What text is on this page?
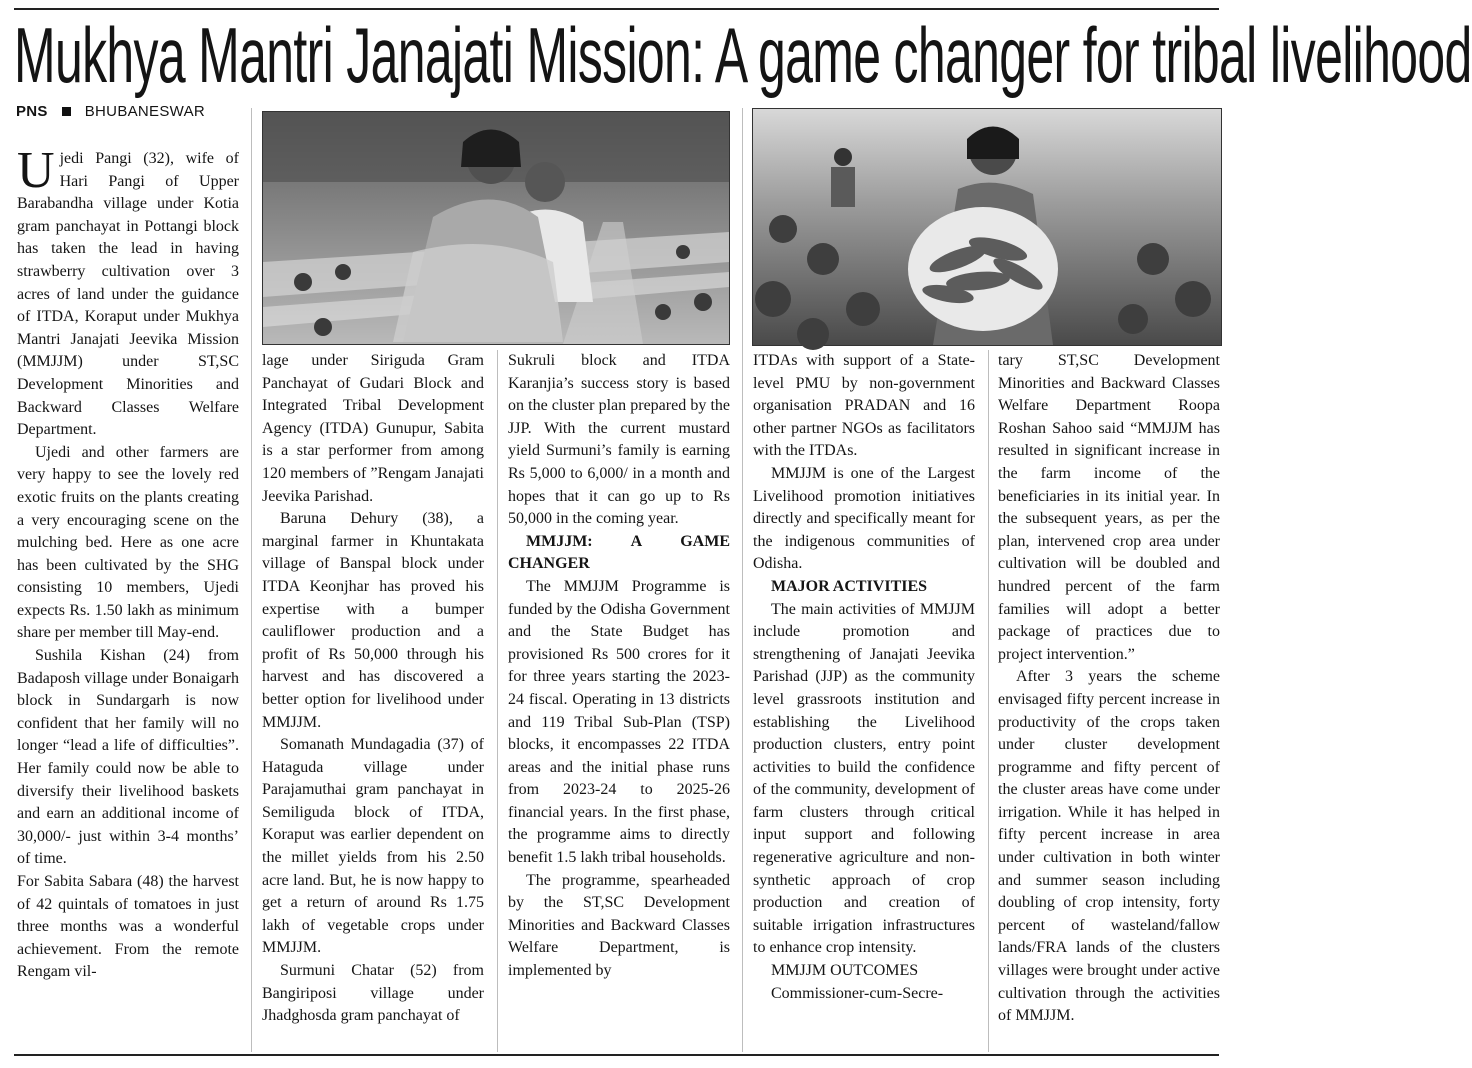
Mukhya Mantri Janajati Mission: A game changer for tribal livelihood
PNS BHUBANESWAR

Ujedi Pangi (32), wife of Hari Pangi of Upper Barabandha village under Kotia gram panchayat in Pottangi block has taken the lead in having strawberry cultivation over 3 acres of land under the guidance of ITDA, Koraput under Mukhya Mantri Janajati Jeevika Mission (MMJJM) under ST,SC Development Minorities and Backward Classes Welfare Department.

Ujedi and other farmers are very happy to see the lovely red exotic fruits on the plants creating a very encouraging scene on the mulching bed. Here as one acre has been cultivated by the SHG consisting 10 members, Ujedi expects Rs. 1.50 lakh as minimum share per member till May-end.

Sushila Kishan (24) from Badaposh village under Bonaigarh block in Sundargarh is now confident that her family will no longer “lead a life of difficulties”. Her family could now be able to diversify their livelihood baskets and earn an additional income of 30,000/- just within 3-4 months’ of time.

For Sabita Sabara (48) the harvest of 42 quintals of tomatoes in just three months was a wonderful achievement. From the remote Rengam vil-

lage under Siriguda Gram Panchayat of Gudari Block and Integrated Tribal Development Agency (ITDA) Gunupur, Sabita is a star performer from among 120 members of ”Rengam Janajati Jeevika Parishad.

Baruna Dehury (38), a marginal farmer in Khuntakata village of Banspal block under ITDA Keonjhar has proved his expertise with a bumper cauliflower production and a profit of Rs 50,000 through his harvest and has discovered a better option for livelihood under MMJJM.

Somanath Mundagadia (37) of Hataguda village under Parajamuthai gram panchayat in Semiliguda block of ITDA, Koraput was earlier dependent on the millet yields from his 2.50 acre land. But, he is now happy to get a return of around Rs 1.75 lakh of vegetable crops under MMJJM.

Surmuni Chatar (52) from Bangiriposi village under Jhadghosda gram panchayat of

Sukruli block and ITDA Karanjia’s success story is based on the cluster plan prepared by the JJP. With the current mustard yield Surmuni’s family is earning Rs 5,000 to 6,000/ in a month and hopes that it can go up to Rs 50,000 in the coming year.

MMJJM: A GAME CHANGER

The MMJJM Programme is funded by the Odisha Government and the State Budget has provisioned Rs 500 crores for it for three years starting the 2023-24 fiscal. Operating in 13 districts and 119 Tribal Sub-Plan (TSP) blocks, it encompasses 22 ITDA areas and the initial phase runs from 2023-24 to 2025-26 financial years. In the first phase, the programme aims to directly benefit 1.5 lakh tribal households.

The programme, spearheaded by the ST,SC Development Minorities and Backward Classes Welfare Department, is implemented by

ITDAs with support of a State-level PMU by non-government organisation PRADAN and 16 other partner NGOs as facilitators with the ITDAs.

MMJJM is one of the Largest Livelihood promotion initiatives directly and specifically meant for the indigenous communities of Odisha.

MAJOR ACTIVITIES

The main activities of MMJJM include promotion and strengthening of Janajati Jeevika Parishad (JJP) as the community level grassroots institution and establishing the Livelihood production clusters, entry point activities to build the confidence of the community, development of farm clusters through critical input support and following regenerative agriculture and non-synthetic approach of crop production and creation of suitable irrigation infrastructures to enhance crop intensity.

MMJJM OUTCOMES

Commissioner-cum-Secre-

tary ST,SC Development Minorities and Backward Classes Welfare Department Roopa Roshan Sahoo said “MMJJM has resulted in significant increase in the farm income of the beneficiaries in its initial year. In the subsequent years, as per the plan, intervened crop area under cultivation will be doubled and hundred percent of the farm families will adopt a better package of practices due to project intervention.”

After 3 years the scheme envisaged fifty percent increase in productivity of the crops taken under cluster development programme and fifty percent of the cluster areas have come under irrigation. While it has helped in fifty percent increase in area under cultivation in both winter and summer season including doubling of crop intensity, forty percent of wasteland/fallow lands/FRA lands of the clusters villages were brought under active cultivation through the activities of MMJJM.
